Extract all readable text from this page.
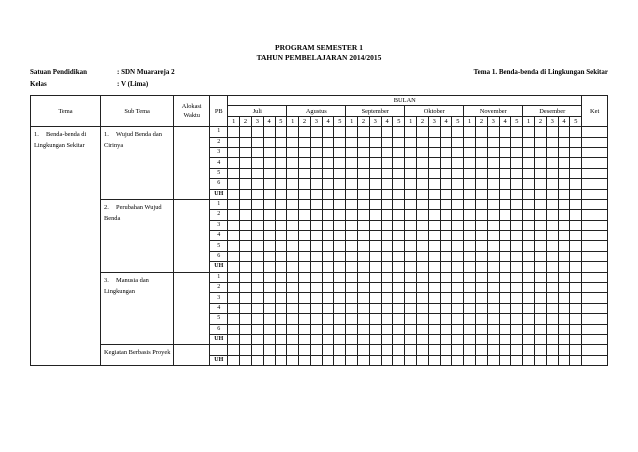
PROGRAM SEMESTER 1
TAHUN PEMBELAJARAN 2014/2015
Satuan Pendidikan	: SDN Muarareja 2	Tema 1. Benda-benda di Lingkungan Sekitar
Kelas	: V (Lima)
Tema	Sub Tema	Alokasi Waktu	PB	BULAN																														Ket
				Juli					Agustus					September					Oktober					November					Desember					
				1	2	3	4	5	1	2	3	4	5	1	2	3	4	5	1	2	3	4	5	1	2	3	4	5	1	2	3	4	5	

1. Benda-benda di Lingkungan Sekitar	1. Wujud Benda dan Cirinya		1																															
			2																															
			3																															
			4																															
			5																															
			6																															
			UH																															

	2. Perubahan Wujud Benda		1																															
			2																															
			3																															
			4																															
			5																															
			6																															
			UH																															

	3. Manusia dan Lingkungan		1																															
			2																															
			3																															
			4																															
			5																															
			6																															
			UH																															

	Kegiatan Berbasis Proyek																																	

			UH																															
